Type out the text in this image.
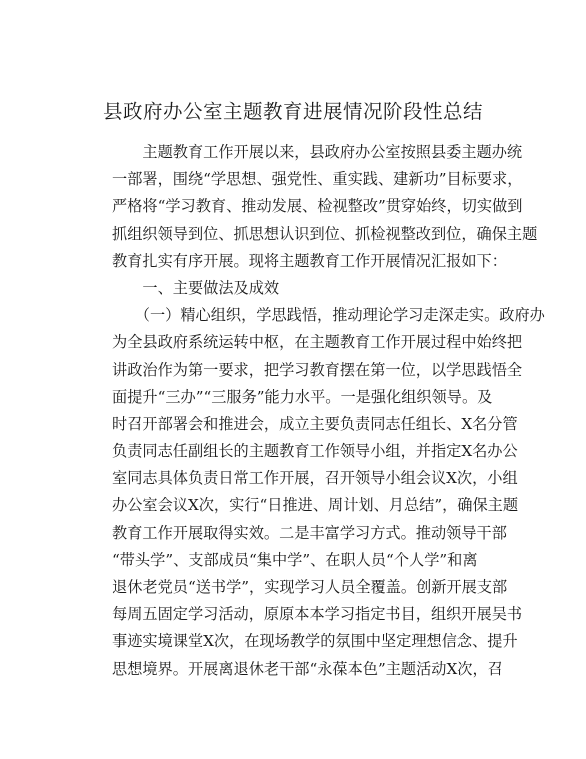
县政府办公室主题教育进展情况阶段性总结

　　主题教育工作开展以来，县政府办公室按照县委主题办统

一部署，围绕“学思想、强党性、重实践、建新功”目标要求，

严格将“学习教育、推动发展、检视整改”贯穿始终，切实做到

抓组织领导到位、抓思想认识到位、抓检视整改到位，确保主题

教育扎实有序开展。现将主题教育工作开展情况汇报如下：

　　一、主要做法及成效

　　（一）精心组织，学思践悟，推动理论学习走深走实。政府办

为全县政府系统运转中枢，在主题教育工作开展过程中始终把

讲政治作为第一要求，把学习教育摆在第一位，以学思践悟全

面提升“三办”“三服务”能力水平。一是强化组织领导。及

时召开部署会和推进会，成立主要负责同志任组长、X名分管

负责同志任副组长的主题教育工作领导小组，并指定X名办公

室同志具体负责日常工作开展，召开领导小组会议X次，小组

办公室会议X次，实行“日推进、周计划、月总结”，确保主题

教育工作开展取得实效。二是丰富学习方式。推动领导干部

“带头学”、支部成员“集中学”、在职人员“个人学”和离

退休老党员“送书学”，实现学习人员全覆盖。创新开展支部

每周五固定学习活动，原原本本学习指定书目，组织开展吴书

事迹实境课堂X次，在现场教学的氛围中坚定理想信念、提升

思想境界。开展离退休老干部“永葆本色”主题活动X次，召
